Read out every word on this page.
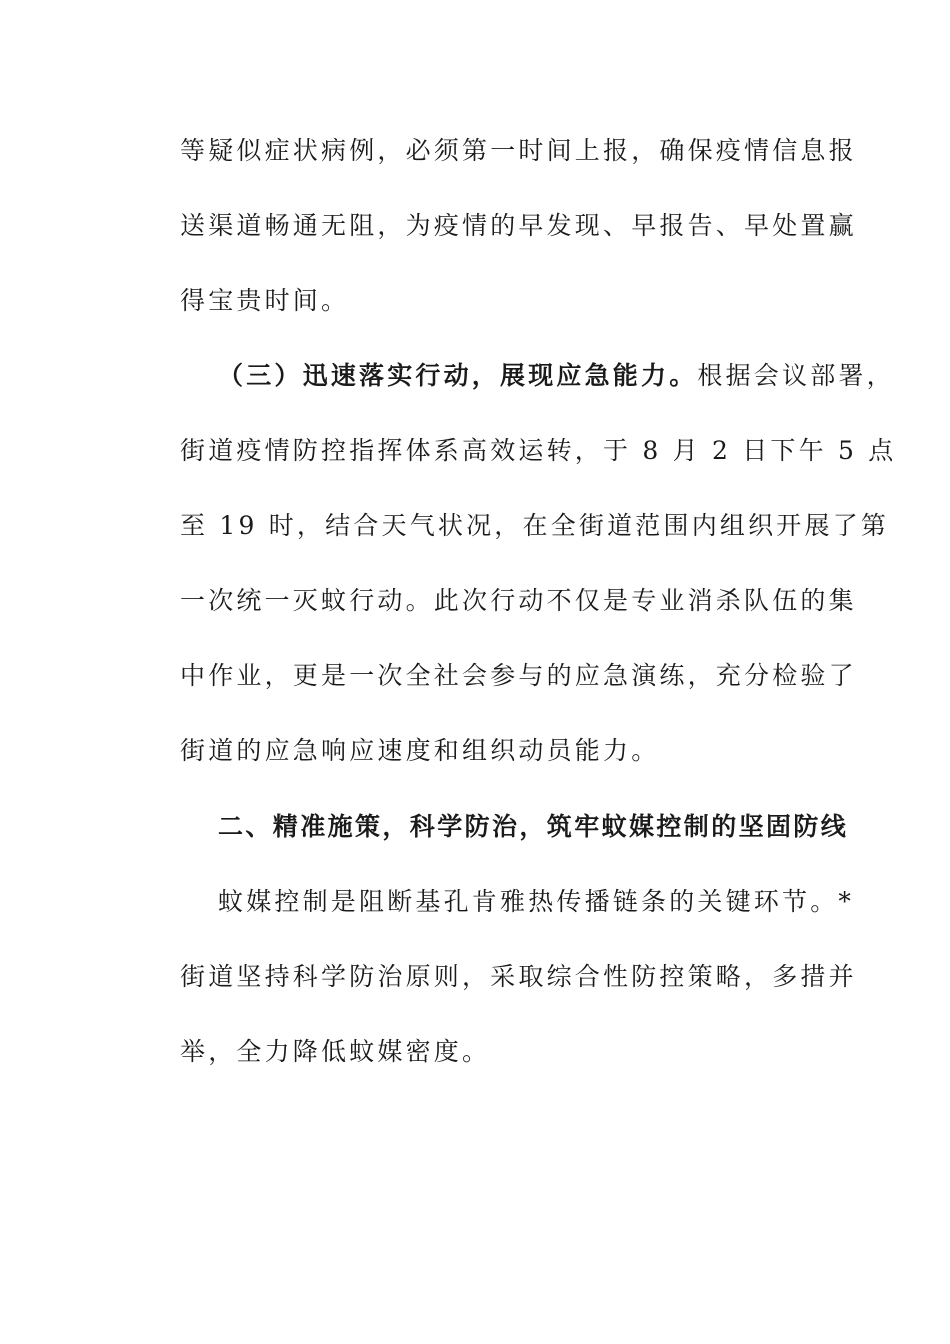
等疑似症状病例，必须第一时间上报，确保疫情信息报
送渠道畅通无阻，为疫情的早发现、早报告、早处置赢
得宝贵时间。
（三）迅速落实行动，展现应急能力。根据会议部署，
街道疫情防控指挥体系高效运转，于 8 月 2 日下午 5 点
至 19 时，结合天气状况，在全街道范围内组织开展了第
一次统一灭蚊行动。此次行动不仅是专业消杀队伍的集
中作业，更是一次全社会参与的应急演练，充分检验了
街道的应急响应速度和组织动员能力。
二、精准施策，科学防治，筑牢蚊媒控制的坚固防线
蚊媒控制是阻断基孔肯雅热传播链条的关键环节。*
街道坚持科学防治原则，采取综合性防控策略，多措并
举，全力降低蚊媒密度。
